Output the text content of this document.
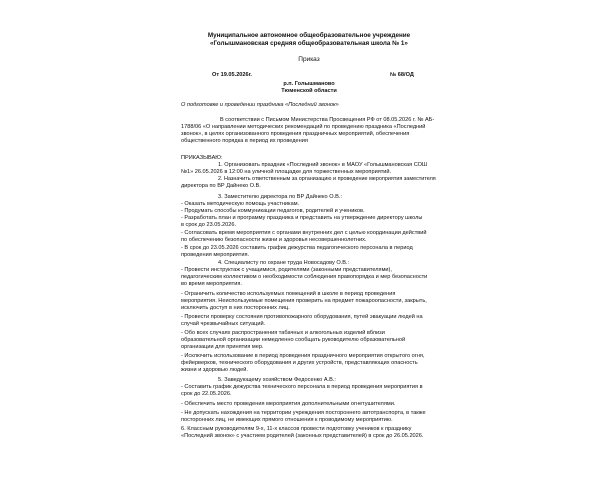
Муниципальное автономное общеобразовательное учреждение
«Голышмановская средняя общеобразовательная школа № 1»
Приказ
От 19.05.2026г.	№ 68/ОД
р.п. Голышманово
Тюменской области
О подготовке и проведении праздника «Последний звонок»
В соответствии с Письмом Министерства Просвещения РФ от 08.05.2026 г. № АБ-
1788/06 «О направлении методических рекомендаций по проведению праздника «Последний
звонок», в целях организованного проведения праздничных мероприятий, обеспечения
общественного порядка в период их проведения
ПРИКАЗЫВАЮ:
1. Организовать праздник «Последний звонок» в МАОУ «Голышмановская СОШ
№1» 26.05.2026 в 12:00 на уличной площадке для торжественных мероприятий.
2. Назначить ответственным за организацию и проведение мероприятия заместителя
директора по ВР Дайнеко О.В.
3. Заместителю директора по ВР Дайнеко О.В.:
- Оказать методическую помощь участникам.
- Продумать способы коммуникации педагогов, родителей и учеников.
- Разработать план и программу праздника и представить на утверждение директору школы
в срок до 23.05.2026.
- Согласовать время мероприятия с органами внутренних дел с целью координации действий
по обеспечению безопасности жизни и здоровья несовершеннолетних.
- В срок до 23.05.2026 составить график дежурства педагогического персонала в период
проведения мероприятия.
4. Специалисту по охране труда Новосадову О.В.:
- Провести инструктаж с учащимися, родителями (законными представителями),
педагогическим коллективом о необходимости соблюдения правопорядка и мер безопасности
во время мероприятия.
- Ограничить количество используемых помещений в школе в период проведения
мероприятия. Неиспользуемые помещения проверить на предмет пожароопасности, закрыть,
исключить доступ в них посторонних лиц.
- Провести проверку состояния противопожарного оборудования, путей эвакуации людей на
случай чрезвычайных ситуаций.
- Обо всех случаях распространения табачных и алкогольных изделий вблизи
образовательной организации немедленно сообщать руководителю образовательной
организации для принятия мер.
- Исключить использование в период проведения праздничного мероприятия открытого огня,
фейерверков, технического оборудования и других устройств, представляющих опасность
жизни и здоровью людей.
5. Заведующему хозяйством Федосенко А.В.:
- Составить график дежурства технического персонала в период проведения мероприятия в
срок до 22.05.2026.
- Обеспечить место проведения мероприятия дополнительными огнетушителями.
- Не допускать нахождения на территории учреждения постороннего автотранспорта, в также
посторонних лиц, не имеющих прямого отношения к проводимому мероприятию.
6. Классным руководителям 9-х, 11-х классов провести подготовку учеников к празднику
«Последний звонок» с участием родителей (законных представителей) в срок до 26.05.2026.
